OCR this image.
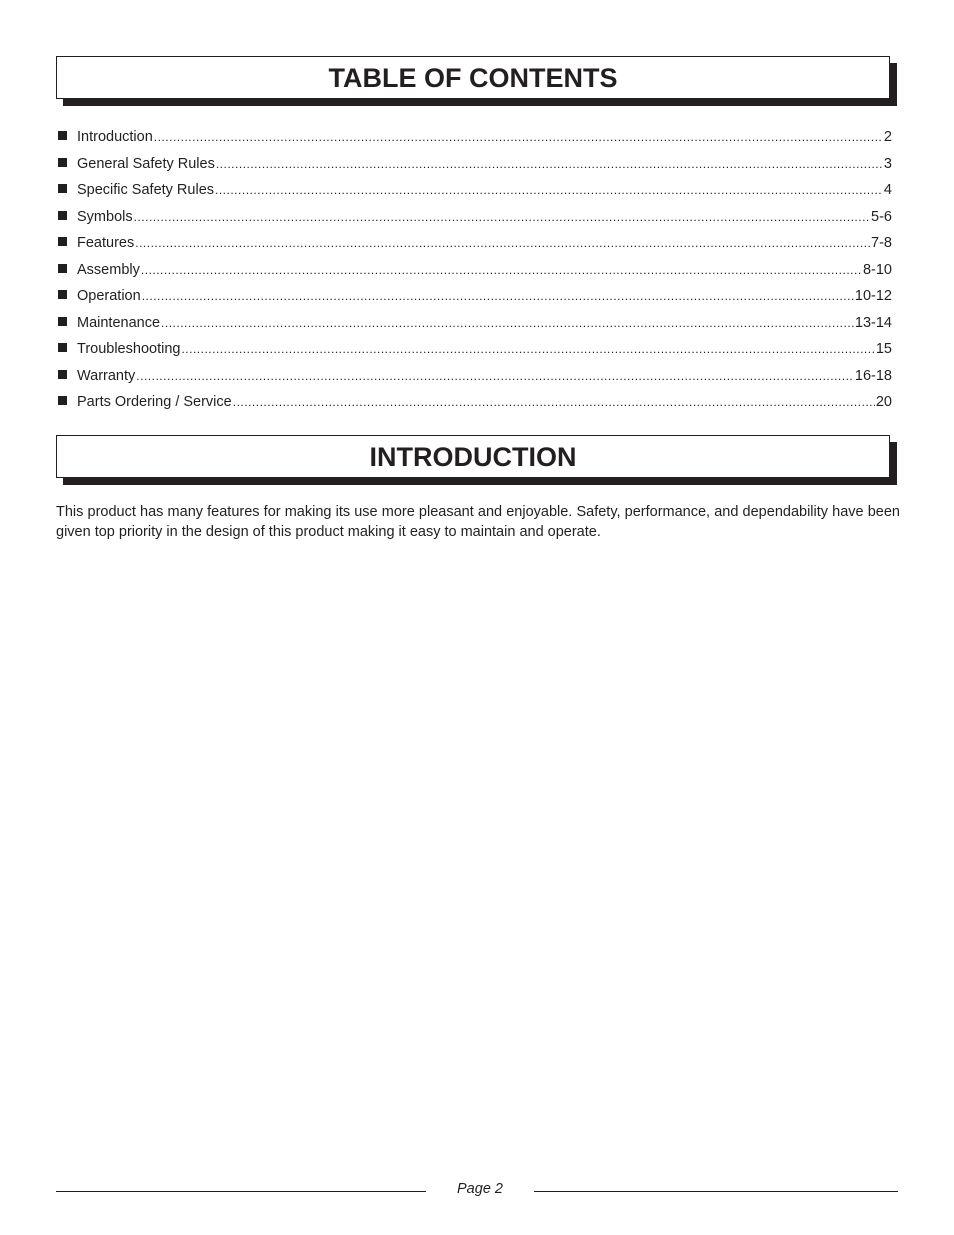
TABLE OF CONTENTS
Introduction .....	2
General Safety Rules .....	3
Specific Safety Rules .....	4
Symbols .....	5-6
Features .....	7-8
Assembly .....	8-10
Operation .....	10-12
Maintenance .....	13-14
Troubleshooting .....	15
Warranty .....	16-18
Parts Ordering / Service .....	20
INTRODUCTION

This product has many features for making its use more pleasant and enjoyable. Safety, performance, and dependability have been given top priority in the design of this product making it easy to maintain and operate.

Page 2
